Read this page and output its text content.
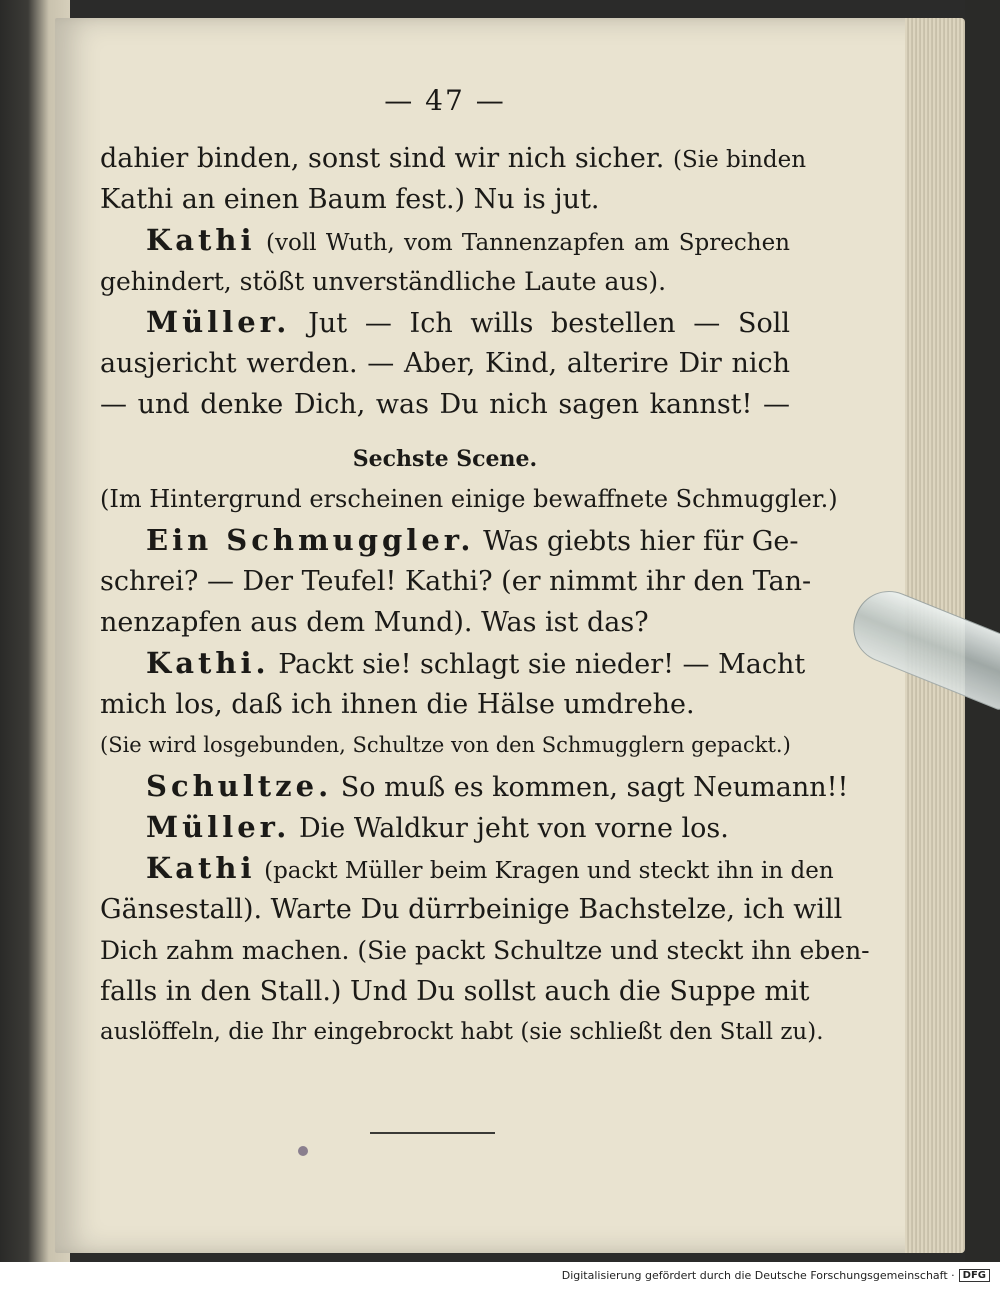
— 47 —
dahier binden, sonst sind wir nich sicher. (Sie binden
Kathi an einen Baum fest.) Nu is jut.
Kathi (voll Wuth, vom Tannenzapfen am Sprechen
gehindert, stößt unverständliche Laute aus).
Müller. Jut — Ich wills bestellen — Soll
ausjericht werden. — Aber, Kind, alterire Dir nich
— und denke Dich, was Du nich sagen kannst! —
Sechste Scene.
(Im Hintergrund erscheinen einige bewaffnete Schmuggler.)
Ein Schmuggler. Was giebts hier für Ge-
schrei? — Der Teufel! Kathi? (er nimmt ihr den Tan-
nenzapfen aus dem Mund). Was ist das?
Kathi. Packt sie! schlagt sie nieder! — Macht
mich los, daß ich ihnen die Hälse umdrehe.
(Sie wird losgebunden, Schultze von den Schmugglern gepackt.)
Schultze. So muß es kommen, sagt Neumann!!
Müller. Die Waldkur jeht von vorne los.
Kathi (packt Müller beim Kragen und steckt ihn in den
Gänsestall). Warte Du dürrbeinige Bachstelze, ich will
Dich zahm machen. (Sie packt Schultze und steckt ihn eben-
falls in den Stall.) Und Du sollst auch die Suppe mit
auslöffeln, die Ihr eingebrockt habt (sie schließt den Stall zu).
Digitalisierung gefördert durch die Deutsche Forschungsgemeinschaft · DFG
